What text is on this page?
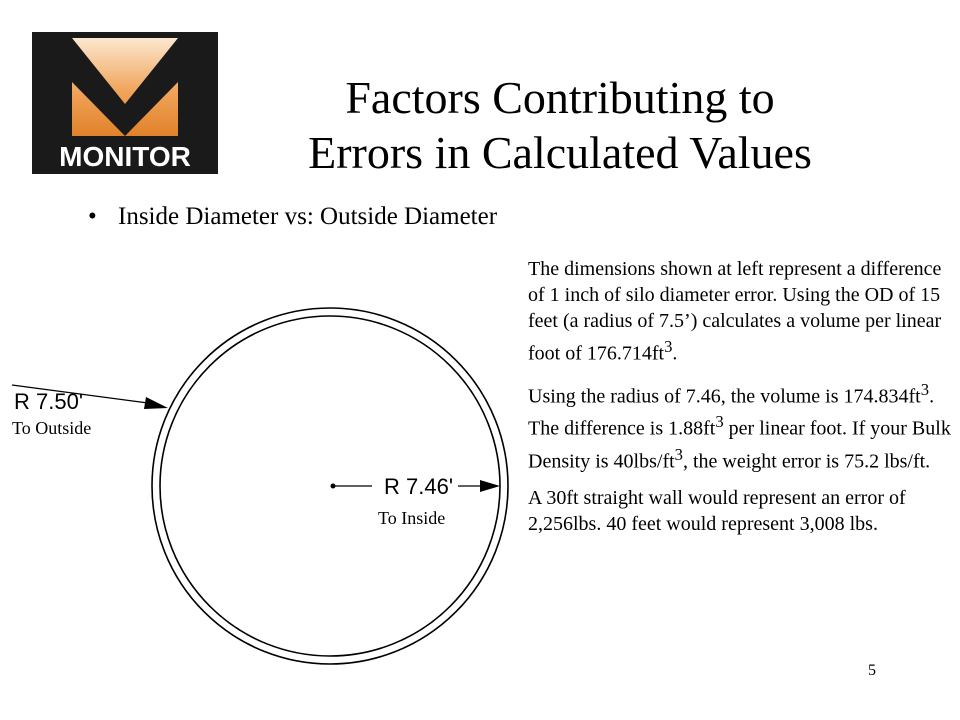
MONITOR
Factors Contributing to
Errors in Calculated Values
• Inside Diameter vs: Outside Diameter
R 7.50'
To Outside
R 7.46'
To Inside

The dimensions shown at left represent a difference of 1 inch of silo diameter error. Using the OD of 15 feet (a radius of 7.5’) calculates a volume per linear foot of $176.714ft^3$.

Using the radius of 7.46, the volume is $174.834ft^3$. The difference is $1.88ft^3$ per linear foot. If your Bulk Density is $40lbs/ft^3$, the weight error is 75.2 lbs/ft.

A 30ft straight wall would represent an error of 2,256lbs. 40 feet would represent 3,008 lbs.

5
